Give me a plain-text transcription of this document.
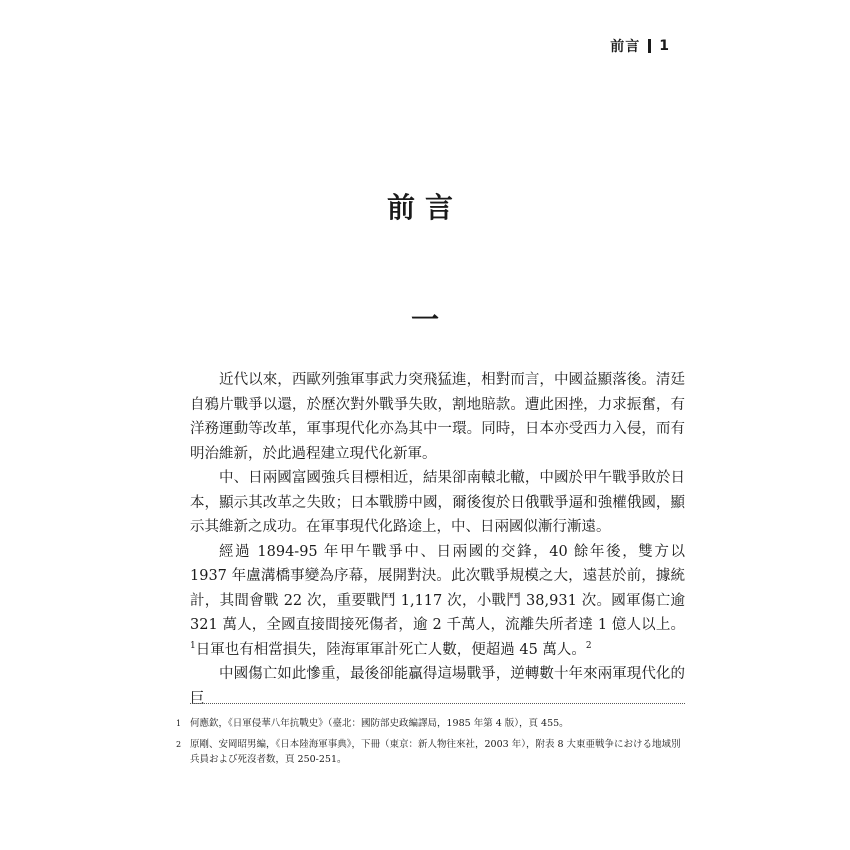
前言 1
前言
一

近代以來，西歐列強軍事武力突飛猛進，相對而言，中國益顯落後。清廷自鴉片戰爭以還，於歷次對外戰爭失敗，割地賠款。遭此困挫，力求振奮，有洋務運動等改革，軍事現代化亦為其中一環。同時，日本亦受西力入侵，而有明治維新，於此過程建立現代化新軍。

中、日兩國富國強兵目標相近，結果卻南轅北轍，中國於甲午戰爭敗於日本，顯示其改革之失敗；日本戰勝中國，爾後復於日俄戰爭逼和強權俄國，顯示其維新之成功。在軍事現代化路途上，中、日兩國似漸行漸遠。

經過 1894-95 年甲午戰爭中、日兩國的交鋒，40 餘年後，雙方以 1937 年盧溝橋事變為序幕，展開對決。此次戰爭規模之大，遠甚於前，據統計，其間會戰 22 次，重要戰鬥 1,117 次，小戰鬥 38,931 次。國軍傷亡逾 321 萬人，全國直接間接死傷者，逾 2 千萬人，流離失所者達 1 億人以上。$^1$日軍也有相當損失，陸海軍軍計死亡人數，便超過 45 萬人。$^2$

中國傷亡如此慘重，最後卻能贏得這場戰爭，逆轉數十年來兩軍現代化的巨

1 何應欽，《日軍侵華八年抗戰史》（臺北：國防部史政編譯局，1985 年第 4 版），頁 455。
2 原剛、安岡昭男編，《日本陸海軍事典》，下冊（東京：新人物往來社，2003 年），附表 8 大東亜戦争における地域別兵員および死沒者数，頁 250-251。
